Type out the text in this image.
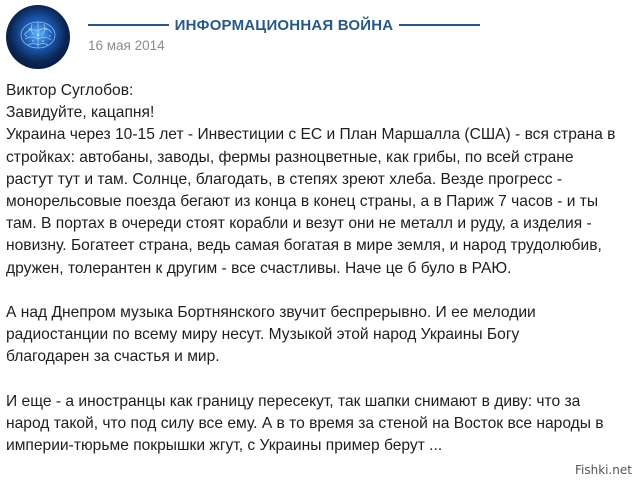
ИНФОРМАЦИОННАЯ ВОЙНА
16 мая 2014
Виктор Суглобов:
Завидуйте, кацапня!
Украина через 10-15 лет - Инвестиции с ЕС и План Маршалла (США) - вся страна в
стройках: автобаны, заводы, фермы разноцветные, как грибы, по всей стране
растут тут и там. Солнце, благодать, в степях зреют хлеба. Везде прогресс -
монорельсовые поезда бегают из конца в конец страны, а в Париж 7 часов - и ты
там. В портах в очереди стоят корабли и везут они не металл и руду, а изделия -
новизну. Богатеет страна, ведь самая богатая в мире земля, и народ трудолюбив,
дружен, толерантен к другим - все счастливы. Наче це б було в РАЮ.
А над Днепром музыка Бортнянского звучит беспрерывно. И ее мелодии
радиостанции по всему миру несут. Музыкой этой народ Украины Богу
благодарен за счастья и мир.
И еще - а иностранцы как границу пересекут, так шапки снимают в диву: что за
народ такой, что под силу все ему. А в то время за стеной на Восток все народы в
империи-тюрьме покрышки жгут, с Украины пример берут ...
Fishki.net
